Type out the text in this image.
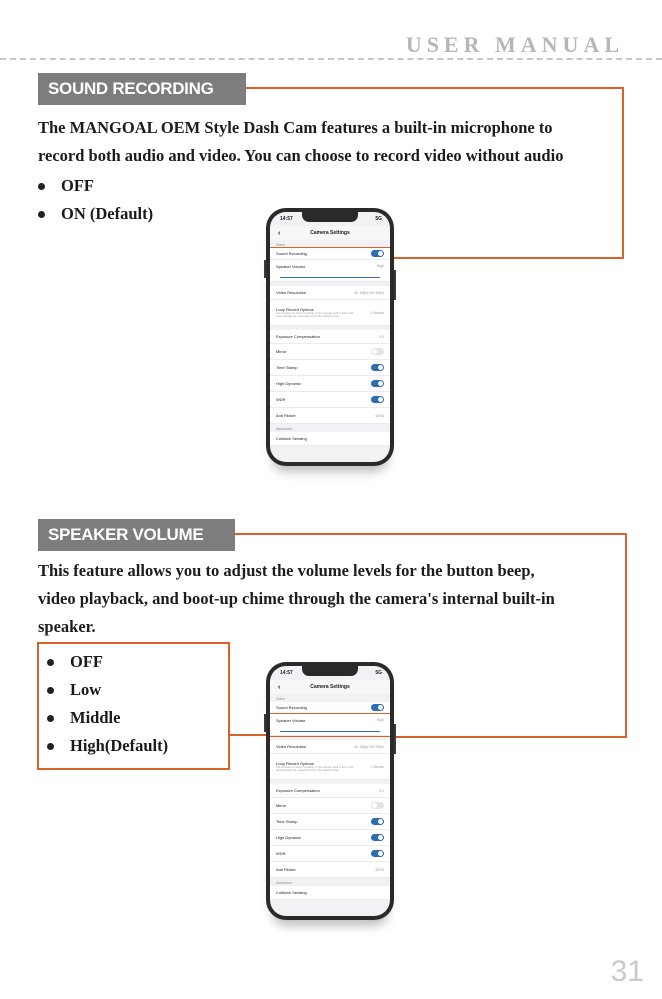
USER MANUAL
SOUND RECORDING
The MANGOAL OEM Style Dash Cam features a built-in microphone to
record both audio and video. You can choose to record video without audio
OFF
ON (Default)	14:57	5G
‹	Camera Settings
Video
Sound Recording
Speaker Volume	High
Video Resolution	4K 30fps+2K 30fps
Loop Record Options
The duration of each recording. If the storage card is full, it will automatically be overwritten from the earliest video.
1 Minute
Exposure Compensation	0.0
Mirror
Time Stamp
High Dynamic
WDR
Anti Flicker	60HZ
Advanced
Collision Sensing
SPEAKER VOLUME
This feature allows you to adjust the volume levels for the button beep,
video playback, and boot-up chime through the camera's internal built-in
speaker.
OFF
Low
Middle
High(Default)
14:57	5G
‹	Camera Settings
Video
Sound Recording
Speaker Volume	High
Video Resolution	4K 30fps+2K 30fps
Loop Record Options
The duration of each recording. If the storage card is full, it will automatically be overwritten from the earliest video.
1 Minute
Exposure Compensation	0.0
Mirror
Time Stamp
High Dynamic
WDR
Anti Flicker	60HZ
Advanced
Collision Sensing
31
